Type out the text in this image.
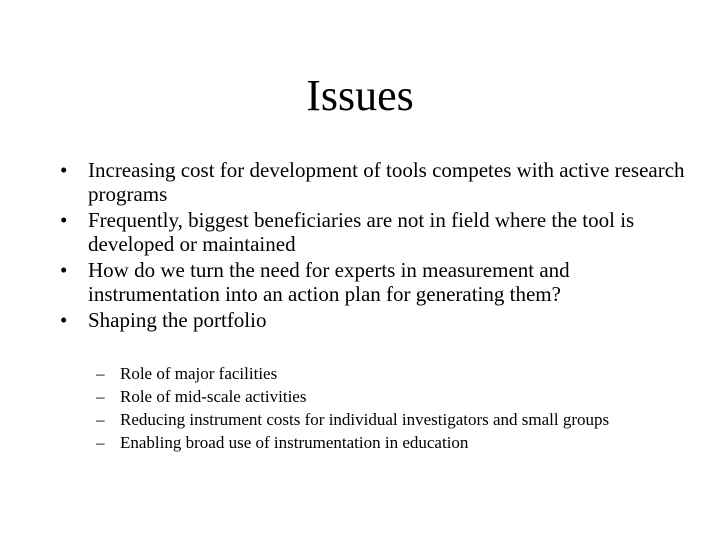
Issues
• Increasing cost for development of tools competes with active research programs
• Frequently, biggest beneficiaries are not in field where the tool is developed or maintained
• How do we turn the need for experts in measurement and instrumentation into an action plan for generating them?
• Shaping the portfolio
– Role of major facilities
– Role of mid-scale activities
– Reducing instrument costs for individual investigators and small groups
– Enabling broad use of instrumentation in education
